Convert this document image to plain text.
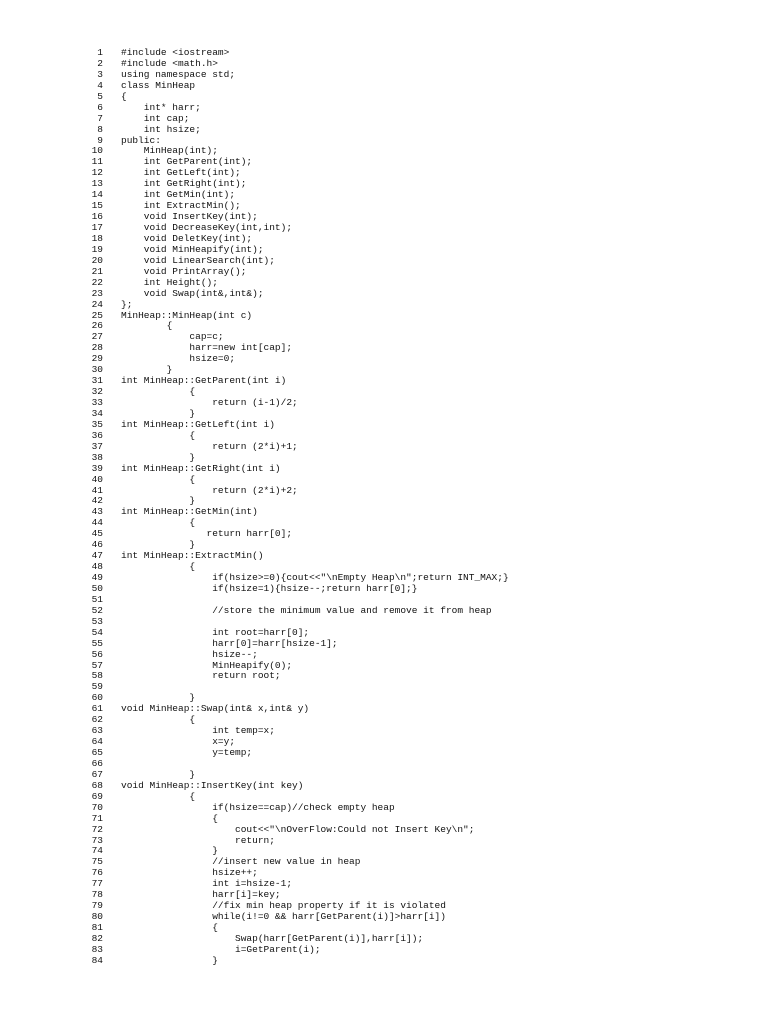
1 #include <iostream>
2 #include <math.h>
3 using namespace std;
4 class MinHeap
5 {
6 int* harr;
7 int cap;
8 int hsize;
9 public:
10 MinHeap(int);
11 int GetParent(int);
12 int GetLeft(int);
13 int GetRight(int);
14 int GetMin(int);
15 int ExtractMin();
16 void InsertKey(int);
17 void DecreaseKey(int,int);
18 void DeletKey(int);
19 void MinHeapify(int);
20 void LinearSearch(int);
21 void PrintArray();
22 int Height();
23 void Swap(int&,int&);
24 };
25 MinHeap::MinHeap(int c)
26 {
27 cap=c;
28 harr=new int[cap];
29 hsize=0;
30 }
31 int MinHeap::GetParent(int i)
32 {
33 return (i-1)/2;
34 }
35 int MinHeap::GetLeft(int i)
36 {
37 return (2*i)+1;
38 }
39 int MinHeap::GetRight(int i)
40 {
41 return (2*i)+2;
42 }
43 int MinHeap::GetMin(int)
44 {
45 return harr[0];
46 }
47 int MinHeap::ExtractMin()
48 {
49 if(hsize>=0){cout<<"\nEmpty Heap\n";return INT_MAX;}
50 if(hsize=1){hsize--;return harr[0];}
51
52 //store the minimum value and remove it from heap
53
54 int root=harr[0];
55 harr[0]=harr[hsize-1];
56 hsize--;
57 MinHeapify(0);
58 return root;
59
60 }
61 void MinHeap::Swap(int& x,int& y)
62 {
63 int temp=x;
64 x=y;
65 y=temp;
66
67 }
68 void MinHeap::InsertKey(int key)
69 {
70 if(hsize==cap)//check empty heap
71 {
72 cout<<"\nOverFlow:Could not Insert Key\n";
73 return;
74 }
75 //insert new value in heap
76 hsize++;
77 int i=hsize-1;
78 harr[i]=key;
79 //fix min heap property if it is violated
80 while(i!=0 && harr[GetParent(i)]>harr[i])
81 {
82 Swap(harr[GetParent(i)],harr[i]);
83 i=GetParent(i);
84 }
